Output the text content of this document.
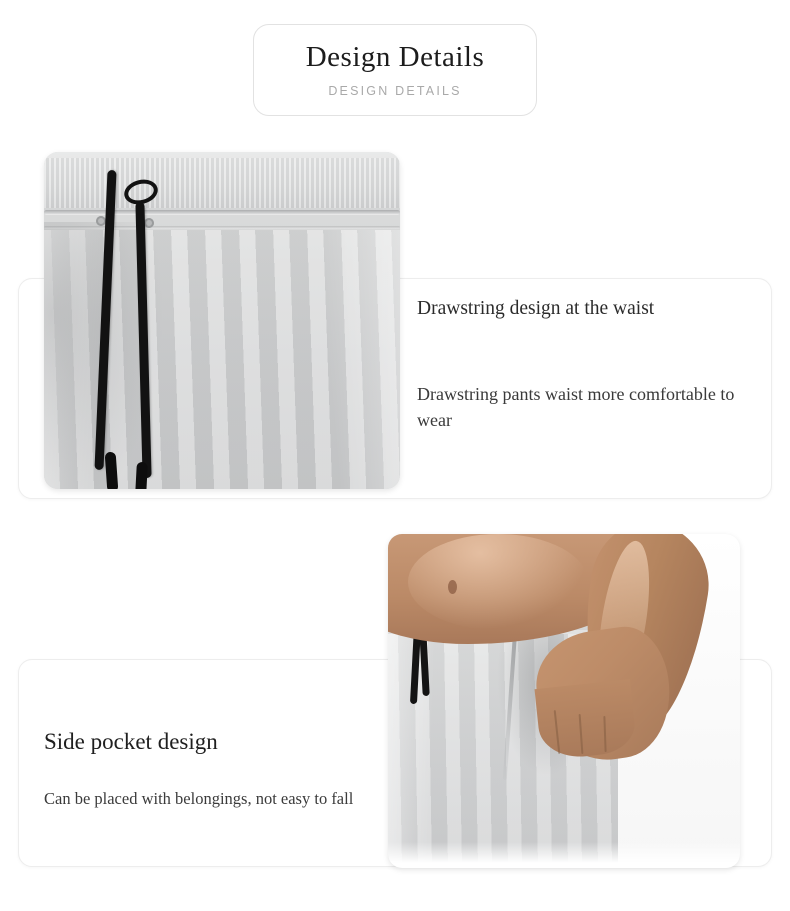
Design Details
DESIGN DETAILS
Drawstring design at the waist
Drawstring pants waist more comfortable to wear
Side pocket design
Can be placed with belongings, not easy to fall
